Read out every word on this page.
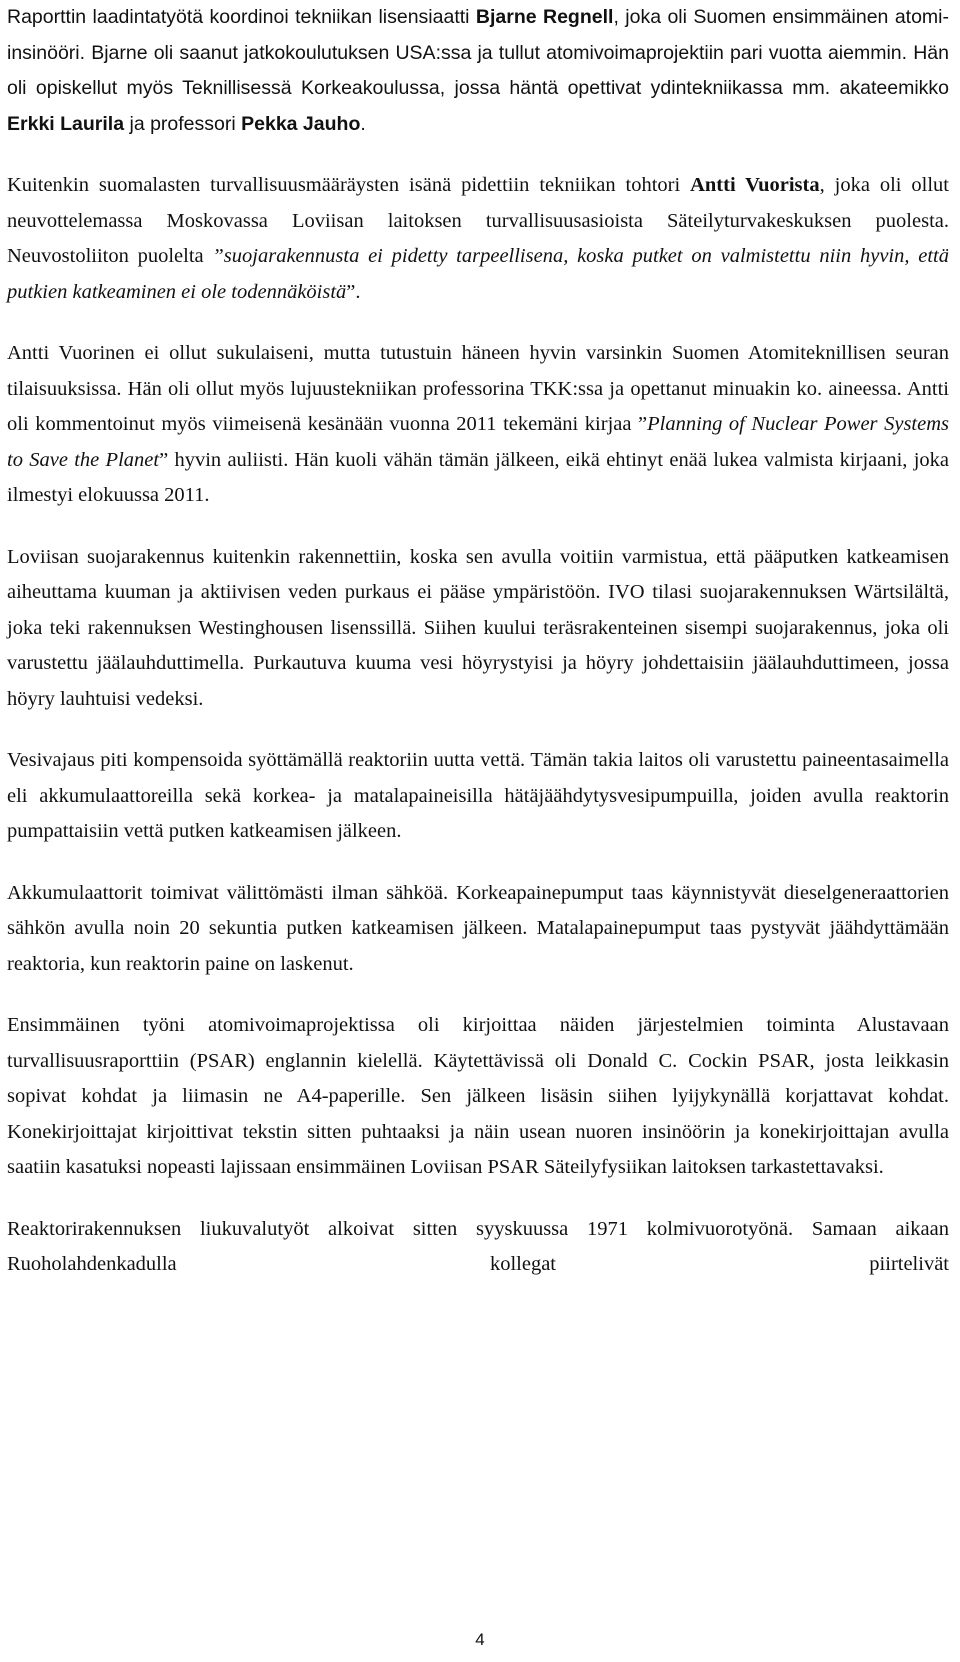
Raporttin laadintatyötä koordinoi tekniikan lisensiaatti Bjarne Regnell, joka oli Suomen ensimmäinen atomi-insinööri. Bjarne oli saanut jatkokoulutuksen USA:ssa ja tullut atomivoimaprojektiin pari vuotta aiemmin. Hän oli opiskellut myös Teknillisessä Korkeakoulussa, jossa häntä opettivat ydintekniikassa mm. akateemikko Erkki Laurila ja professori Pekka Jauho.

Kuitenkin suomalasten turvallisuusmääräysten isänä pidettiin tekniikan tohtori Antti Vuorista, joka oli ollut neuvottelemassa Moskovassa Loviisan laitoksen turvallisuusasioista Säteilyturvakeskuksen puolesta. Neuvostoliiton puolelta ”suojarakennusta ei pidetty tarpeellisena, koska putket on valmistettu niin hyvin, että putkien katkeaminen ei ole todennäköistä”.

Antti Vuorinen ei ollut sukulaiseni, mutta tutustuin häneen hyvin varsinkin Suomen Atomiteknillisen seuran tilaisuuksissa. Hän oli ollut myös lujuustekniikan professorina TKK:ssa ja opettanut minuakin ko. aineessa. Antti oli kommentoinut myös viimeisenä kesänään vuonna 2011 tekemäni kirjaa ”Planning of Nuclear Power Systems to Save the Planet” hyvin auliisti. Hän kuoli vähän tämän jälkeen, eikä ehtinyt enää lukea valmista kirjaani, joka ilmestyi elokuussa 2011.

Loviisan suojarakennus kuitenkin rakennettiin, koska sen avulla voitiin varmistua, että pääputken katkeamisen aiheuttama kuuman ja aktiivisen veden purkaus ei pääse ympäristöön. IVO tilasi suojarakennuksen Wärtsilältä, joka teki rakennuksen Westinghousen lisenssillä. Siihen kuului teräsrakenteinen sisempi suojarakennus, joka oli varustettu jäälauhduttimella. Purkautuva kuuma vesi höyrystyisi ja höyry johdettaisiin jäälauhduttimeen, jossa höyry lauhtuisi vedeksi.

Vesivajaus piti kompensoida syöttämällä reaktoriin uutta vettä. Tämän takia laitos oli varustettu paineentasaimella eli akkumulaattoreilla sekä korkea- ja matalapaineisilla hätäjäähdytysvesipumpuilla, joiden avulla reaktorin pumpattaisiin vettä putken katkeamisen jälkeen.

Akkumulaattorit toimivat välittömästi ilman sähköä. Korkeapainepumput taas käynnistyvät dieselgeneraattorien sähkön avulla noin 20 sekuntia putken katkeamisen jälkeen. Matalapainepumput taas pystyvät jäähdyttämään reaktoria, kun reaktorin paine on laskenut.

Ensimmäinen työni atomivoimaprojektissa oli kirjoittaa näiden järjestelmien toiminta Alustavaan turvallisuusraporttiin (PSAR) englannin kielellä. Käytettävissä oli Donald C. Cockin PSAR, josta leikkasin sopivat kohdat ja liimasin ne A4-paperille. Sen jälkeen lisäsin siihen lyijykynällä korjattavat kohdat. Konekirjoittajat kirjoittivat tekstin sitten puhtaaksi ja näin usean nuoren insinöörin ja konekirjoittajan avulla saatiin kasatuksi nopeasti lajissaan ensimmäinen Loviisan PSAR Säteilyfysiikan laitoksen tarkastettavaksi.

Reaktorirakennuksen liukuvalutyöt alkoivat sitten syyskuussa 1971 kolmivuorotyönä. Samaan aikaan Ruoholahdenkadulla kollegat piirtelivät

4
